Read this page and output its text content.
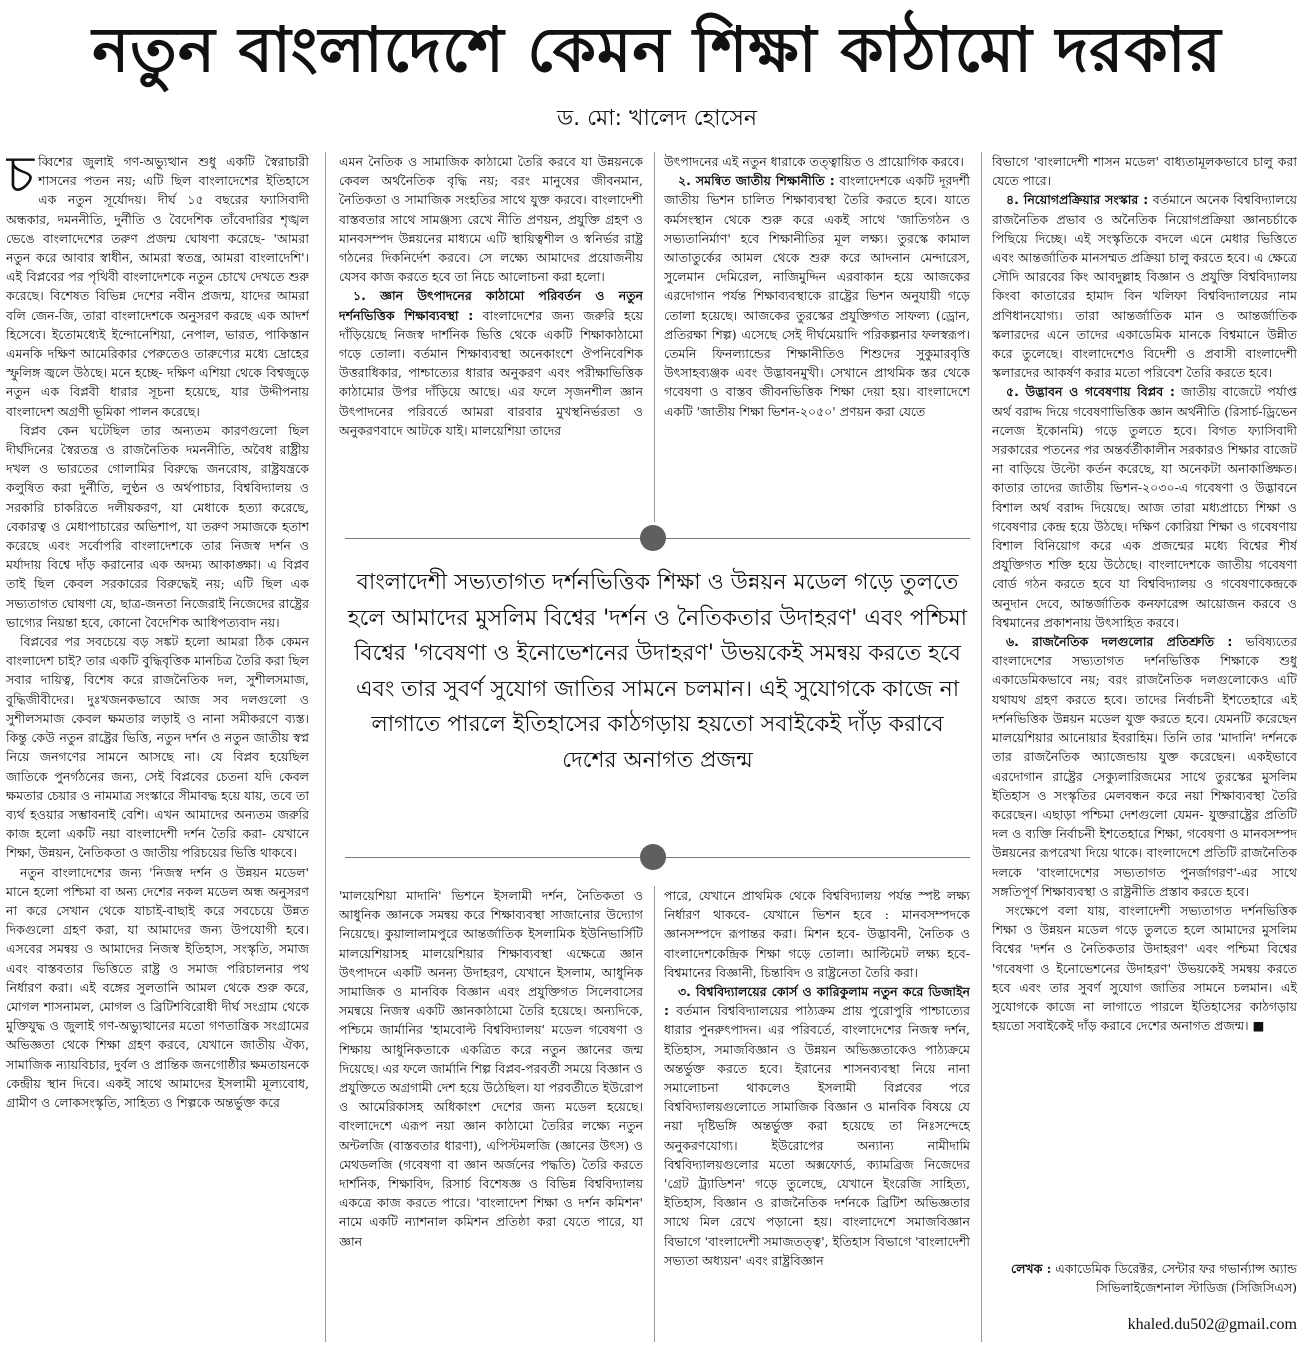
নতুন বাংলাদেশে কেমন শিক্ষা কাঠামো দরকার
ড. মো: খালেদ হোসেন

চব্বিশের জুলাই গণ-অভ্যুত্থান শুধু একটি স্বৈরাচারী শাসনের পতন নয়; এটি ছিল বাংলাদেশের ইতিহাসে এক নতুন সূর্যোদয়। দীর্ঘ ১৫ বছরের ফ্যাসিবাদী অন্ধকার, দমননীতি, দুর্নীতি ও বৈদেশিক তাঁবেদারির শৃঙ্খল ভেঙে বাংলাদেশের তরুণ প্রজন্ম ঘোষণা করেছে- 'আমরা নতুন করে আবার স্বাধীন, আমরা স্বতন্ত্র, আমরা বাংলাদেশি'। এই বিপ্লবের পর পৃথিবী বাংলাদেশকে নতুন চোখে দেখতে শুরু করেছে। বিশেষত বিভিন্ন দেশের নবীন প্রজন্ম, যাদের আমরা বলি জেন-জি, তারা বাংলাদেশকে অনুসরণ করছে এক আদর্শ হিসেবে। ইতোমধ্যেই ইন্দোনেশিয়া, নেপাল, ভারত, পাকিস্তান এমনকি দক্ষিণ আমেরিকার পেরুতেও তারুণ্যের মধ্যে দ্রোহের স্ফুলিঙ্গ জ্বলে উঠছে। মনে হচ্ছে- দক্ষিণ এশিয়া থেকে বিশ্বজুড়ে নতুন এক বিপ্লবী ধারার সূচনা হয়েছে, যার উদ্দীপনায় বাংলাদেশ অগ্রণী ভূমিকা পালন করেছে।

বিপ্লব কেন ঘটেছিল তার অন্যতম কারণগুলো ছিল দীর্ঘদিনের স্বৈরতন্ত্র ও রাজনৈতিক দমননীতি, অবৈধ রাষ্ট্রীয় দখল ও ভারতের গোলামির বিরুদ্ধে জনরোষ, রাষ্ট্রযন্ত্রকে কলুষিত করা দুর্নীতি, লুণ্ঠন ও অর্থপাচার, বিশ্ববিদ্যালয় ও সরকারি চাকরিতে দলীয়করণ, যা মেধাকে হত্যা করেছে, বেকারত্ব ও মেধাপাচারের অভিশাপ, যা তরুণ সমাজকে হতাশ করেছে এবং সর্বোপরি বাংলাদেশকে তার নিজস্ব দর্শন ও মর্যাদায় বিশ্বে দাঁড় করানোর এক অদম্য আকাঙ্ক্ষা। এ বিপ্লব তাই ছিল কেবল সরকারের বিরুদ্ধেই নয়; এটি ছিল এক সভ্যতাগত ঘোষণা যে, ছাত্র-জনতা নিজেরাই নিজেদের রাষ্ট্রের ভাগ্যের নিয়ন্তা হবে, কোনো বৈদেশিক আধিপত্যবাদ নয়।

বিপ্লবের পর সবচেয়ে বড় সঙ্কট হলো আমরা ঠিক কেমন বাংলাদেশ চাই? তার একটি বুদ্ধিবৃত্তিক মানচিত্র তৈরি করা ছিল সবার দায়িত্ব, বিশেষ করে রাজনৈতিক দল, সুশীলসমাজ, বুদ্ধিজীবীদের। দুঃখজনকভাবে আজ সব দলগুলো ও সুশীলসমাজ কেবল ক্ষমতার লড়াই ও নানা সমীকরণে ব্যস্ত। কিন্তু কেউ নতুন রাষ্ট্রের ভিত্তি, নতুন দর্শন ও নতুন জাতীয় স্বপ্ন নিয়ে জনগণের সামনে আসছে না। যে বিপ্লব হয়েছিল জাতিকে পুনর্গঠনের জন্য, সেই বিপ্লবের চেতনা যদি কেবল ক্ষমতার চেয়ার ও নামমাত্র সংস্কারে সীমাবদ্ধ হয়ে যায়, তবে তা ব্যর্থ হওয়ার সম্ভাবনাই বেশি। এখন আমাদের অন্যতম জরুরি কাজ হলো একটি নয়া বাংলাদেশী দর্শন তৈরি করা- যেখানে শিক্ষা, উন্নয়ন, নৈতিকতা ও জাতীয় পরিচয়ের ভিত্তি থাকবে।

নতুন বাংলাদেশের জন্য 'নিজস্ব দর্শন ও উন্নয়ন মডেল' মানে হলো পশ্চিমা বা অন্য দেশের নকল মডেল অন্ধ অনুসরণ না করে সেখান থেকে যাচাই-বাছাই করে সবচেয়ে উন্নত দিকগুলো গ্রহণ করা, যা আমাদের জন্য উপযোগী হবে। এসবের সমন্বয় ও আমাদের নিজস্ব ইতিহাস, সংস্কৃতি, সমাজ এবং বাস্তবতার ভিত্তিতে রাষ্ট্র ও সমাজ পরিচালনার পথ নির্ধারণ করা। এই বঙ্গের সুলতানি আমল থেকে শুরু করে, মোগল শাসনামল, মোগল ও ব্রিটিশবিরোধী দীর্ঘ সংগ্রাম থেকে মুক্তিযুদ্ধ ও জুলাই গণ-অভ্যুত্থানের মতো গণতান্ত্রিক সংগ্রামের অভিজ্ঞতা থেকে শিক্ষা গ্রহণ করবে, যেখানে জাতীয় ঐক্য, সামাজিক ন্যায়বিচার, দুর্বল ও প্রান্তিক জনগোষ্ঠীর ক্ষমতায়নকে কেন্দ্রীয় স্থান দিবে। একই সাথে আমাদের ইসলামী মূল্যবোধ, গ্রামীণ ও লোকসংস্কৃতি, সাহিত্য ও শিল্পকে অন্তর্ভুক্ত করে

এমন নৈতিক ও সামাজিক কাঠামো তৈরি করবে যা উন্নয়নকে কেবল অর্থনৈতিক বৃদ্ধি নয়; বরং মানুষের জীবনমান, নৈতিকতা ও সামাজিক সংহতির সাথে যুক্ত করবে। বাংলাদেশী বাস্তবতার সাথে সামঞ্জস্য রেখে নীতি প্রণয়ন, প্রযুক্তি গ্রহণ ও মানবসম্পদ উন্নয়নের মাধ্যমে এটি স্থায়িত্বশীল ও স্বনির্ভর রাষ্ট্র গঠনের দিকনির্দেশ করবে। সে লক্ষ্যে আমাদের প্রয়োজনীয় যেসব কাজ করতে হবে তা নিচে আলোচনা করা হলো।

১. জ্ঞান উৎপাদনের কাঠামো পরিবর্তন ও নতুন দর্শনভিত্তিক শিক্ষাব্যবস্থা : বাংলাদেশের জন্য জরুরি হয়ে দাঁড়িয়েছে নিজস্ব দার্শনিক ভিত্তি থেকে একটি শিক্ষাকাঠামো গড়ে তোলা। বর্তমান শিক্ষাব্যবস্থা অনেকাংশে ঔপনিবেশিক উত্তরাধিকার, পাশ্চাত্যের ধারার অনুকরণ এবং পরীক্ষাভিত্তিক কাঠামোর উপর দাঁড়িয়ে আছে। এর ফলে সৃজনশীল জ্ঞান উৎপাদনের পরিবর্তে আমরা বারবার মুখস্থনির্ভরতা ও অনুকরণবাদে আটকে যাই। মালয়েশিয়া তাদের

উৎপাদনের এই নতুন ধারাকে তত্ত্বায়িত ও প্রায়োগিক করবে।

২. সমন্বিত জাতীয় শিক্ষানীতি : বাংলাদেশকে একটি দূরদর্শী জাতীয় ভিশন চালিত শিক্ষাব্যবস্থা তৈরি করতে হবে। যাতে কর্মসংস্থান থেকে শুরু করে একই সাথে 'জাতিগঠন ও সভ্যতানির্মাণ' হবে শিক্ষানীতির মূল লক্ষ্য। তুরস্কে কামাল আতাতুর্কের আমল থেকে শুরু করে আদনান মেন্দারেস, সুলেমান দেমিরেল, নাজিমুদ্দিন এরবাকান হয়ে আজকের এরদোগান পর্যন্ত শিক্ষাব্যবস্থাকে রাষ্ট্রের ভিশন অনুযায়ী গড়ে তোলা হয়েছে। আজকের তুরস্কের প্রযুক্তিগত সাফল্য (ড্রোন, প্রতিরক্ষা শিল্প) এসেছে সেই দীর্ঘমেয়াদি পরিকল্পনার ফলস্বরূপ। তেমনি ফিনল্যান্ডের শিক্ষানীতিও শিশুদের সুকুমারবৃত্তি উৎসাহব্যঞ্জক এবং উদ্ভাবনমুখী। সেখানে প্রাথমিক স্তর থেকে গবেষণা ও বাস্তব জীবনভিত্তিক শিক্ষা দেয়া হয়। বাংলাদেশে একটি 'জাতীয় শিক্ষা ভিশন-২০৫০' প্রণয়ন করা যেতে

বাংলাদেশী সভ্যতাগত দর্শনভিত্তিক শিক্ষা ও উন্নয়ন মডেল গড়ে তুলতে হলে আমাদের মুসলিম বিশ্বের 'দর্শন ও নৈতিকতার উদাহরণ' এবং পশ্চিমা বিশ্বের 'গবেষণা ও ইনোভেশনের উদাহরণ' উভয়কেই সমন্বয় করতে হবে এবং তার সুবর্ণ সুযোগ জাতির সামনে চলমান। এই সুযোগকে কাজে না লাগাতে পারলে ইতিহাসের কাঠগড়ায় হয়তো সবাইকেই দাঁড় করাবে দেশের অনাগত প্রজন্ম

'মালয়েশিয়া মাদানি' ভিশনে ইসলামী দর্শন, নৈতিকতা ও আধুনিক জ্ঞানকে সমন্বয় করে শিক্ষাব্যবস্থা সাজানোর উদ্যোগ নিয়েছে। কুয়ালালামপুরে আন্তর্জাতিক ইসলামিক ইউনিভার্সিটি মালয়েশিয়াসহ মালয়েশিয়ার শিক্ষাব্যবস্থা এক্ষেত্রে জ্ঞান উৎপাদনে একটি অনন্য উদাহরণ, যেখানে ইসলাম, আধুনিক সামাজিক ও মানবিক বিজ্ঞান এবং প্রযুক্তিগত সিলেবাসের সমন্বয়ে নিজস্ব একটি জ্ঞানকাঠামো তৈরি হয়েছে। অন্যদিকে, পশ্চিমে জার্মানির 'হামবোল্ট বিশ্ববিদ্যালয়' মডেল গবেষণা ও শিক্ষায় আধুনিকতাকে একত্রিত করে নতুন জ্ঞানের জন্ম দিয়েছে। এর ফলে জার্মানি শিল্প বিপ্লব-পরবর্তী সময়ে বিজ্ঞান ও প্রযুক্তিতে অগ্রগামী দেশ হয়ে উঠেছিল। যা পরবর্তীতে ইউরোপ ও আমেরিকাসহ অধিকাংশ দেশের জন্য মডেল হয়েছে। বাংলাদেশে এরূপ নয়া জ্ঞান কাঠামো তৈরির লক্ষ্যে নতুন অন্টলজি (বাস্তবতার ধারণা), এপিস্টমলজি (জ্ঞানের উৎস) ও মেথডলজি (গবেষণা বা জ্ঞান অর্জনের পদ্ধতি) তৈরি করতে দার্শনিক, শিক্ষাবিদ, রিসার্চ বিশেষজ্ঞ ও বিভিন্ন বিশ্ববিদ্যালয় একত্রে কাজ করতে পারে। 'বাংলাদেশ শিক্ষা ও দর্শন কমিশন' নামে একটি ন্যাশনাল কমিশন প্রতিষ্ঠা করা যেতে পারে, যা জ্ঞান

পারে, যেখানে প্রাথমিক থেকে বিশ্ববিদ্যালয় পর্যন্ত স্পষ্ট লক্ষ্য নির্ধারণ থাকবে- যেখানে ভিশন হবে : মানবসম্পদকে জ্ঞানসম্পদে রূপান্তর করা। মিশন হবে- উদ্ভাবনী, নৈতিক ও বাংলাদেশকেন্দ্রিক শিক্ষা গড়ে তোলা। আল্টিমেট লক্ষ্য হবে- বিশ্বমানের বিজ্ঞানী, চিন্তাবিদ ও রাষ্ট্রনেতা তৈরি করা।

৩. বিশ্ববিদ্যালয়ের কোর্স ও কারিকুলাম নতুন করে ডিজাইন : বর্তমান বিশ্ববিদ্যালয়ের পাঠ্যক্রম প্রায় পুরোপুরি পাশ্চাত্যের ধারার পুনরুৎপাদন। এর পরিবর্তে, বাংলাদেশের নিজস্ব দর্শন, ইতিহাস, সমাজবিজ্ঞান ও উন্নয়ন অভিজ্ঞতাকেও পাঠ্যক্রমে অন্তর্ভুক্ত করতে হবে। ইরানের শাসনব্যবস্থা নিয়ে নানা সমালোচনা থাকলেও ইসলামী বিপ্লবের পরে বিশ্ববিদ্যালয়গুলোতে সামাজিক বিজ্ঞান ও মানবিক বিষয়ে যে নয়া দৃষ্টিভঙ্গি অন্তর্ভুক্ত করা হয়েছে তা নিঃসন্দেহে অনুকরণযোগ্য। ইউরোপের অন্যান্য নামীদামি বিশ্ববিদ্যালয়গুলোর মতো অক্সফোর্ড, ক্যামব্রিজ নিজেদের 'গ্রেট ট্র্যাডিশন' গড়ে তুলেছে, যেখানে ইংরেজি সাহিত্য, ইতিহাস, বিজ্ঞান ও রাজনৈতিক দর্শনকে ব্রিটিশ অভিজ্ঞতার সাথে মিল রেখে পড়ানো হয়। বাংলাদেশে সমাজবিজ্ঞান বিভাগে 'বাংলাদেশী সমাজতত্ত্ব', ইতিহাস বিভাগে 'বাংলাদেশী সভ্যতা অধ্যয়ন' এবং রাষ্ট্রবিজ্ঞান

বিভাগে 'বাংলাদেশী শাসন মডেল' বাধ্যতামূলকভাবে চালু করা যেতে পারে।

৪. নিয়োগপ্রক্রিয়ার সংস্কার : বর্তমানে অনেক বিশ্ববিদ্যালয়ে রাজনৈতিক প্রভাব ও অনৈতিক নিয়োগপ্রক্রিয়া জ্ঞানচর্চাকে পিছিয়ে দিচ্ছে। এই সংস্কৃতিকে বদলে এনে মেধার ভিত্তিতে এবং আন্তর্জাতিক মানসম্মত প্রক্রিয়া চালু করতে হবে। এ ক্ষেত্রে সৌদি আরবের কিং আবদুল্লাহ বিজ্ঞান ও প্রযুক্তি বিশ্ববিদ্যালয় কিংবা কাতারের হামাদ বিন খলিফা বিশ্ববিদ্যালয়ের নাম প্রণিধানযোগ্য। তারা আন্তর্জাতিক মান ও আন্তর্জাতিক স্কলারদের এনে তাদের একাডেমিক মানকে বিশ্বমানে উন্নীত করে তুলেছে। বাংলাদেশেও বিদেশী ও প্রবাসী বাংলাদেশী স্কলারদের আকর্ষণ করার মতো পরিবেশ তৈরি করতে হবে।

৫. উদ্ভাবন ও গবেষণায় বিপ্লব : জাতীয় বাজেটে পর্যাপ্ত অর্থ বরাদ্দ দিয়ে গবেষণাভিত্তিক জ্ঞান অর্থনীতি (রিসার্চ-ড্রিভেন নলেজ ইকোনমি) গড়ে তুলতে হবে। বিগত ফ্যাসিবাদী সরকারের পতনের পর অন্তর্বর্তীকালীন সরকারও শিক্ষার বাজেট না বাড়িয়ে উল্টো কর্তন করেছে, যা অনেকটা অনাকাঙ্ক্ষিত। কাতার তাদের জাতীয় ভিশন-২০৩০-এ গবেষণা ও উদ্ভাবনে বিশাল অর্থ বরাদ্দ দিয়েছে। আজ তারা মধ্যপ্রাচ্যে শিক্ষা ও গবেষণার কেন্দ্র হয়ে উঠছে। দক্ষিণ কোরিয়া শিক্ষা ও গবেষণায় বিশাল বিনিয়োগ করে এক প্রজন্মের মধ্যে বিশ্বের শীর্ষ প্রযুক্তিগত শক্তি হয়ে উঠেছে। বাংলাদেশকে জাতীয় গবেষণা বোর্ড গঠন করতে হবে যা বিশ্ববিদ্যালয় ও গবেষণাকেন্দ্রকে অনুদান দেবে, আন্তর্জাতিক কনফারেন্স আয়োজন করবে ও বিশ্বমানের প্রকাশনায় উৎসাহিত করবে।

৬. রাজনৈতিক দলগুলোর প্রতিশ্রুতি : ভবিষ্যতের বাংলাদেশের সভ্যতাগত দর্শনভিত্তিক শিক্ষাকে শুধু একাডেমিকভাবে নয়; বরং রাজনৈতিক দলগুলোকেও এটি যথাযথ গ্রহণ করতে হবে। তাদের নির্বাচনী ইশতেহারে এই দর্শনভিত্তিক উন্নয়ন মডেল যুক্ত করতে হবে। যেমনটি করেছেন মালয়েশিয়ার আনোয়ার ইবরাহিম। তিনি তার 'মাদানি' দর্শনকে তার রাজনৈতিক অ্যাজেন্ডায় যুক্ত করেছেন। একইভাবে এরদোগান রাষ্ট্রের সেক্যুলারিজমের সাথে তুরস্কের মুসলিম ইতিহাস ও সংস্কৃতির মেলবন্ধন করে নয়া শিক্ষাব্যবস্থা তৈরি করেছেন। এছাড়া পশ্চিমা দেশগুলো যেমন- যুক্তরাষ্ট্রের প্রতিটি দল ও ব্যক্তি নির্বাচনী ইশতেহারে শিক্ষা, গবেষণা ও মানবসম্পদ উন্নয়নের রূপরেখা দিয়ে থাকে। বাংলাদেশে প্রতিটি রাজনৈতিক দলকে 'বাংলাদেশের সভ্যতাগত পুনর্জাগরণ'-এর সাথে সঙ্গতিপূর্ণ শিক্ষাব্যবস্থা ও রাষ্ট্রনীতি প্রস্তাব করতে হবে।

সংক্ষেপে বলা যায়, বাংলাদেশী সভ্যতাগত দর্শনভিত্তিক শিক্ষা ও উন্নয়ন মডেল গড়ে তুলতে হলে আমাদের মুসলিম বিশ্বের 'দর্শন ও নৈতিকতার উদাহরণ' এবং পশ্চিমা বিশ্বের 'গবেষণা ও ইনোভেশনের উদাহরণ' উভয়কেই সমন্বয় করতে হবে এবং তার সুবর্ণ সুযোগ জাতির সামনে চলমান। এই সুযোগকে কাজে না লাগাতে পারলে ইতিহাসের কাঠগড়ায় হয়তো সবাইকেই দাঁড় করাবে দেশের অনাগত প্রজন্ম। ■

লেখক : একাডেমিক ডিরেক্টর, সেন্টার ফর গভার্ন্যান্স অ্যান্ড সিভিলাইজেশনাল স্টাডিজ (সিজিসিএস)
khaled.du502@gmail.com
